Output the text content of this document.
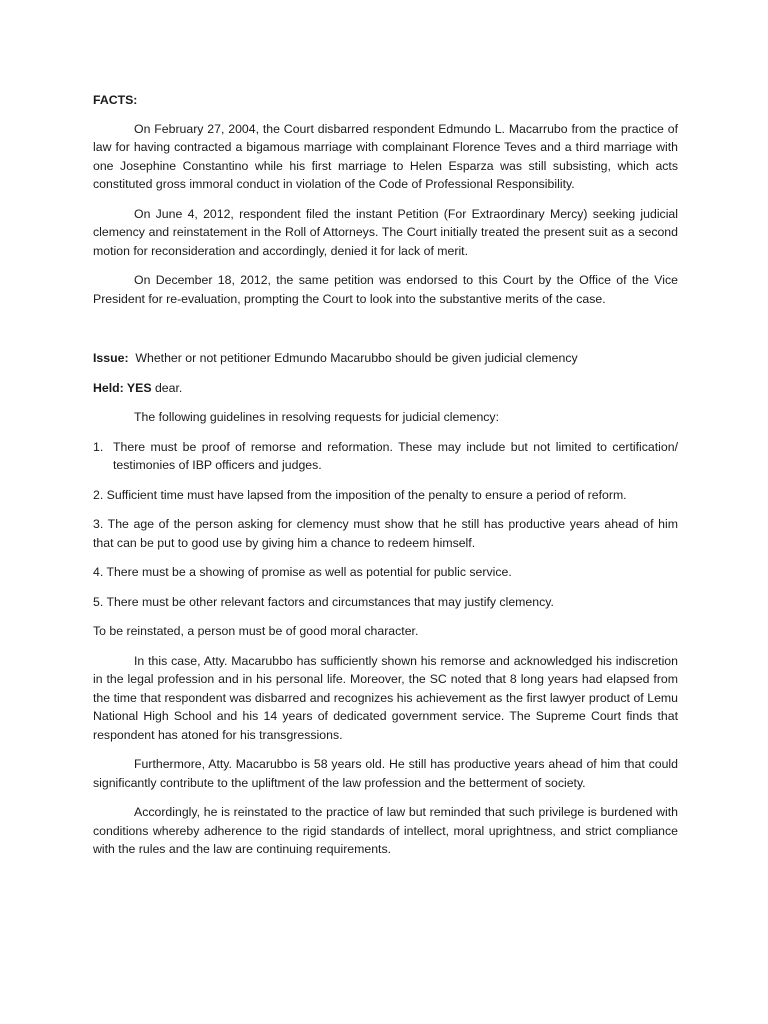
FACTS:

On February 27, 2004, the Court disbarred respondent Edmundo L. Macarrubo from the practice of law for having contracted a bigamous marriage with complainant Florence Teves and a third marriage with one Josephine Constantino while his first marriage to Helen Esparza was still subsisting, which acts constituted gross immoral conduct in violation of the Code of Professional Responsibility.

On June 4, 2012, respondent filed the instant Petition (For Extraordinary Mercy) seeking judicial clemency and reinstatement in the Roll of Attorneys. The Court initially treated the present suit as a second motion for reconsideration and accordingly, denied it for lack of merit.

On December 18, 2012, the same petition was endorsed to this Court by the Office of the Vice President for re-evaluation, prompting the Court to look into the substantive merits of the case.

Issue: Whether or not petitioner Edmundo Macarubbo should be given judicial clemency
Held: YES dear.

The following guidelines in resolving requests for judicial clemency:

1. There must be proof of remorse and reformation. These may include but not limited to certification/ testimonies of IBP officers and judges.
2. Sufficient time must have lapsed from the imposition of the penalty to ensure a period of reform.

3. The age of the person asking for clemency must show that he still has productive years ahead of him that can be put to good use by giving him a chance to redeem himself.

4. There must be a showing of promise as well as potential for public service.
5. There must be other relevant factors and circumstances that may justify clemency.
To be reinstated, a person must be of good moral character.

In this case, Atty. Macarubbo has sufficiently shown his remorse and acknowledged his indiscretion in the legal profession and in his personal life. Moreover, the SC noted that 8 long years had elapsed from the time that respondent was disbarred and recognizes his achievement as the first lawyer product of Lemu National High School and his 14 years of dedicated government service. The Supreme Court finds that respondent has atoned for his transgressions.

Furthermore, Atty. Macarubbo is 58 years old. He still has productive years ahead of him that could significantly contribute to the upliftment of the law profession and the betterment of society.

Accordingly, he is reinstated to the practice of law but reminded that such privilege is burdened with conditions whereby adherence to the rigid standards of intellect, moral uprightness, and strict compliance with the rules and the law are continuing requirements.
